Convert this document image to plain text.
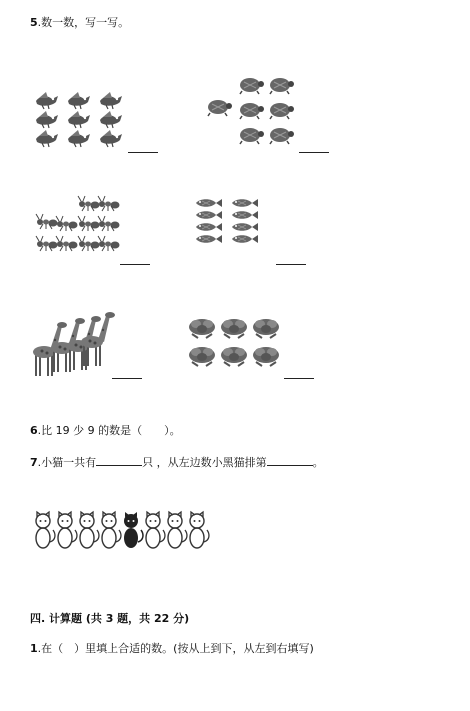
5.数一数，写一写。
6.比 19 少 9 的数是（　　）。
7.小猫一共有	只 ，从左边数小黑猫排第	。
四. 计算题 (共 3 题，共 22 分)
1.在（　）里填上合适的数。(按从上到下，从左到右填写)
